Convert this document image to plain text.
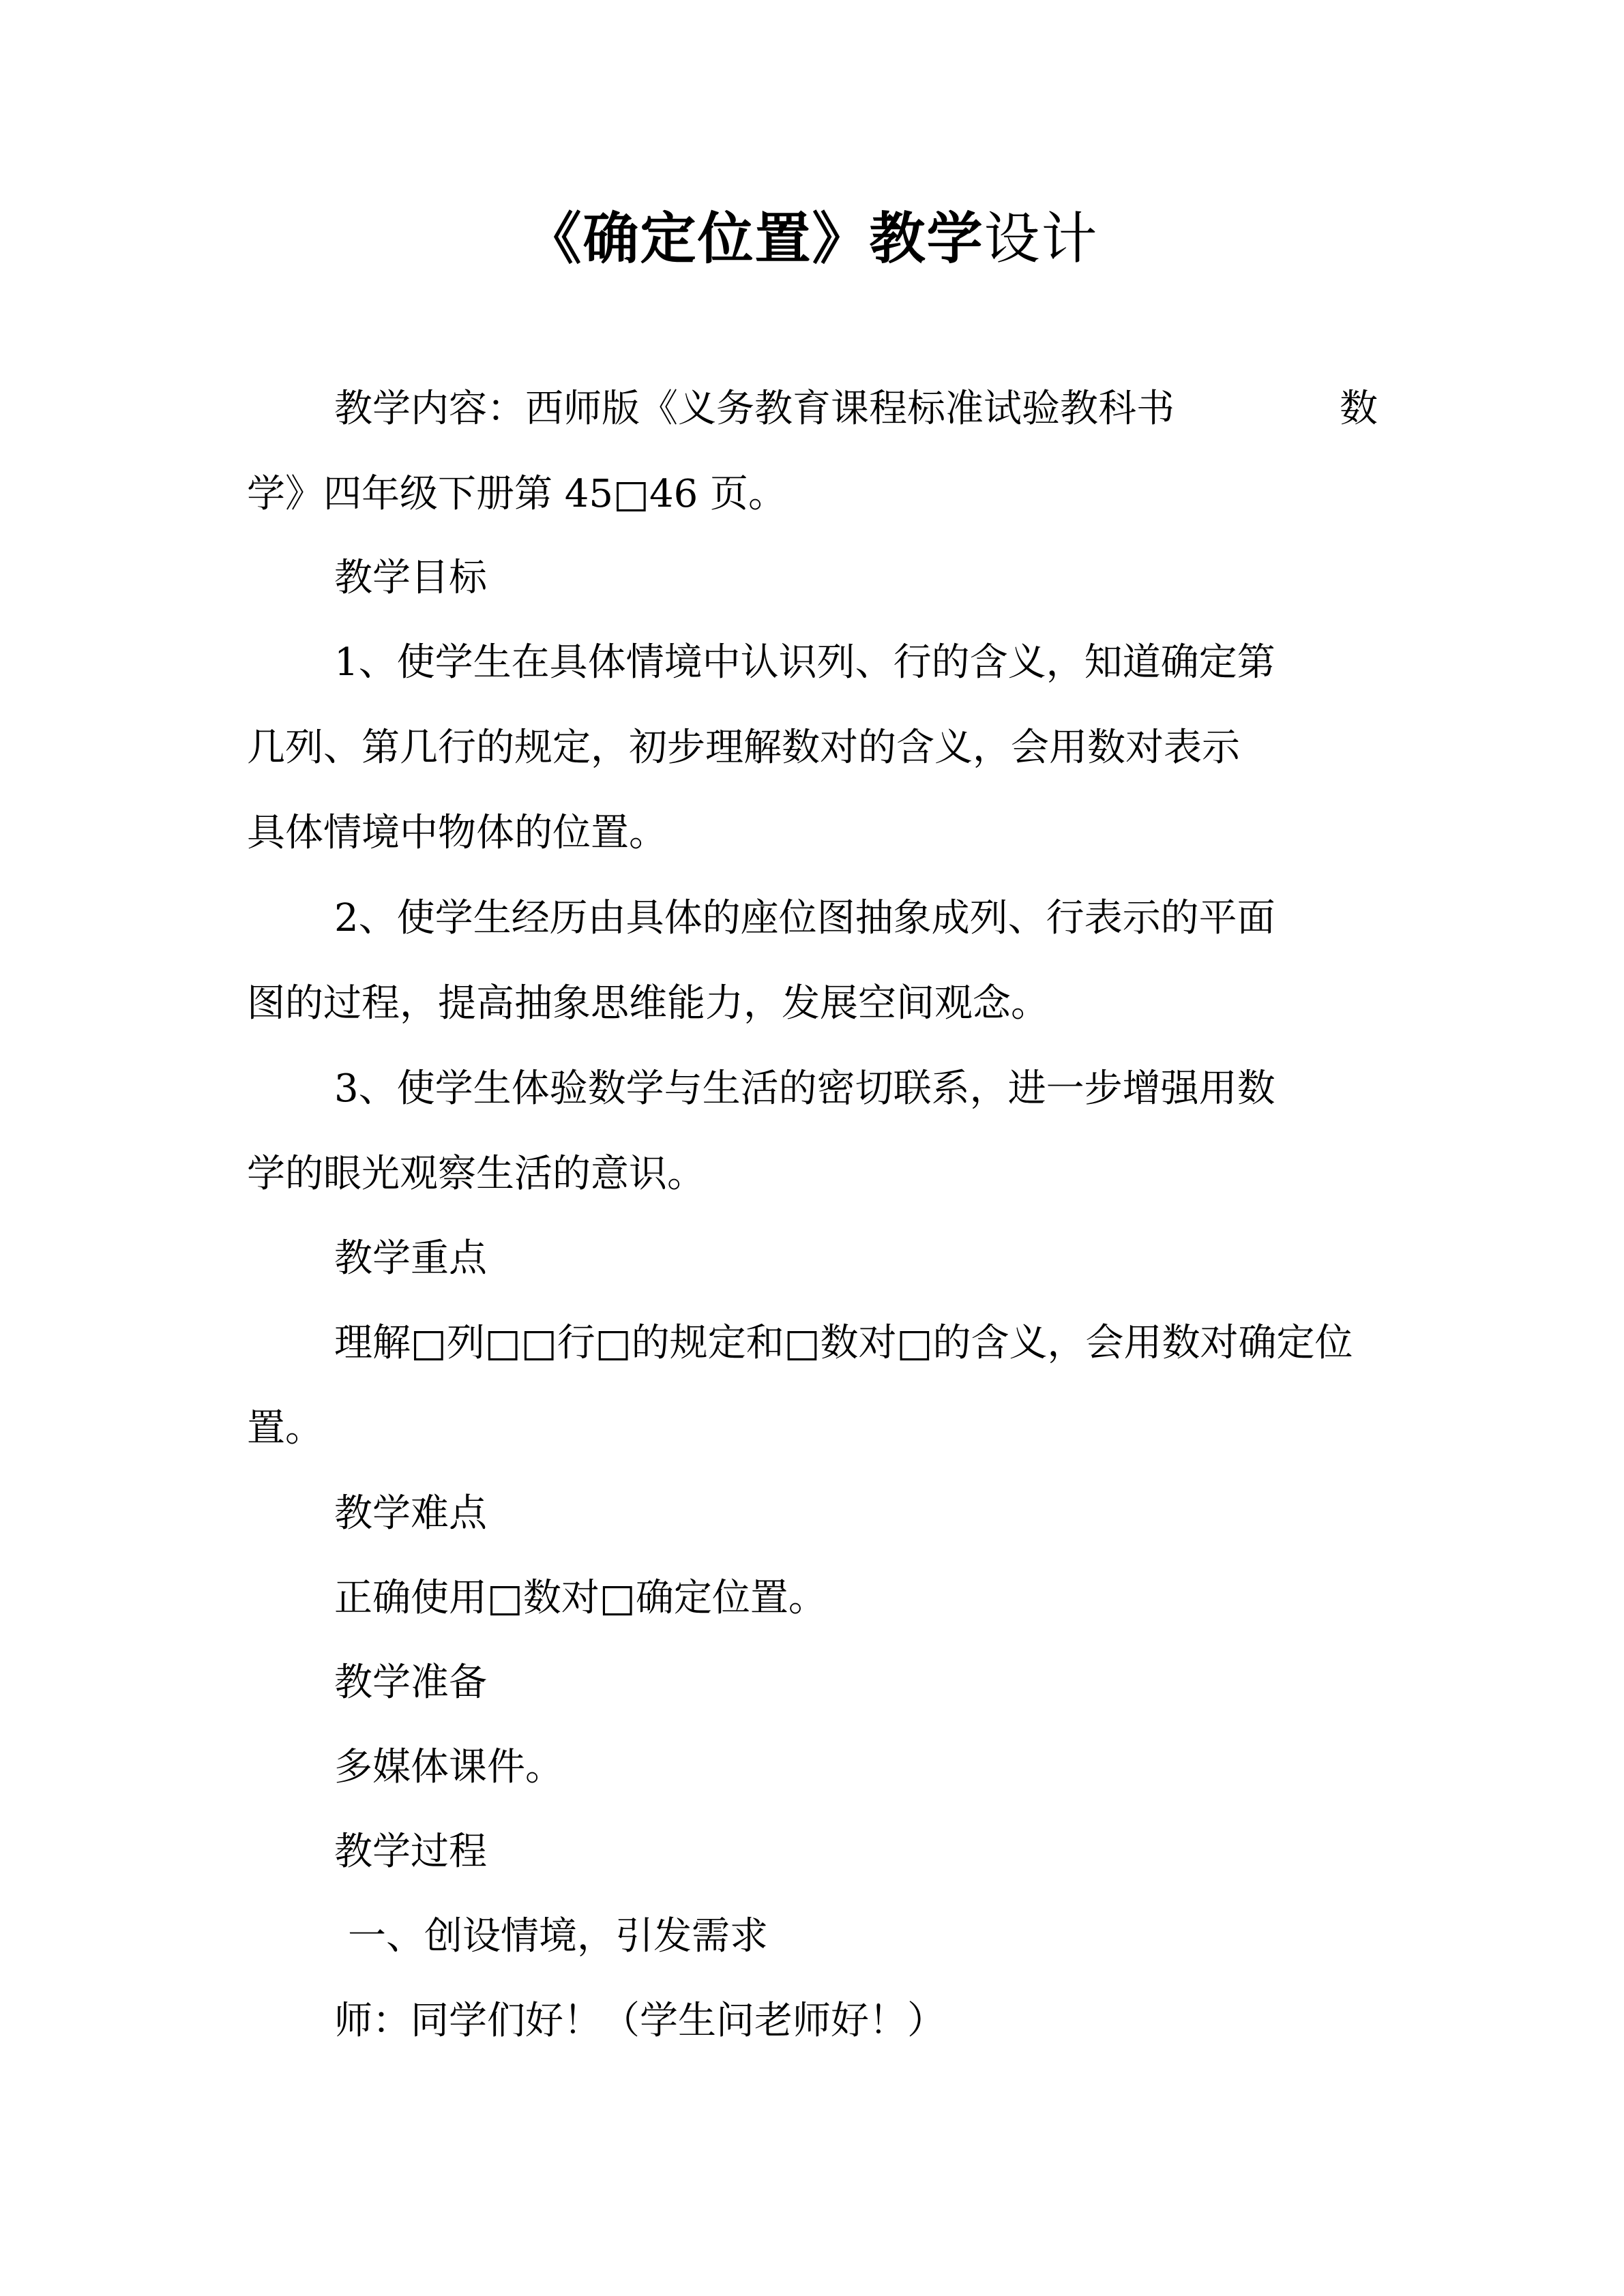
《确定位置》教学设计
教学内容：西师版《义务教育课程标准试验教科书	数

学》四年级下册第 45□46 页。

教学目标

1、使学生在具体情境中认识列、行的含义，知道确定第

几列、第几行的规定，初步理解数对的含义，会用数对表示

具体情境中物体的位置。

2、使学生经历由具体的座位图抽象成列、行表示的平面

图的过程，提高抽象思维能力，发展空间观念。

3、使学生体验数学与生活的密切联系，进一步增强用数

学的眼光观察生活的意识。

教学重点

理解□列□□行□的规定和□数对□的含义，会用数对确定位

置。

教学难点

正确使用□数对□确定位置。

教学准备

多媒体课件。

教学过程

一、创设情境，引发需求

师：同学们好！（学生问老师好！）
